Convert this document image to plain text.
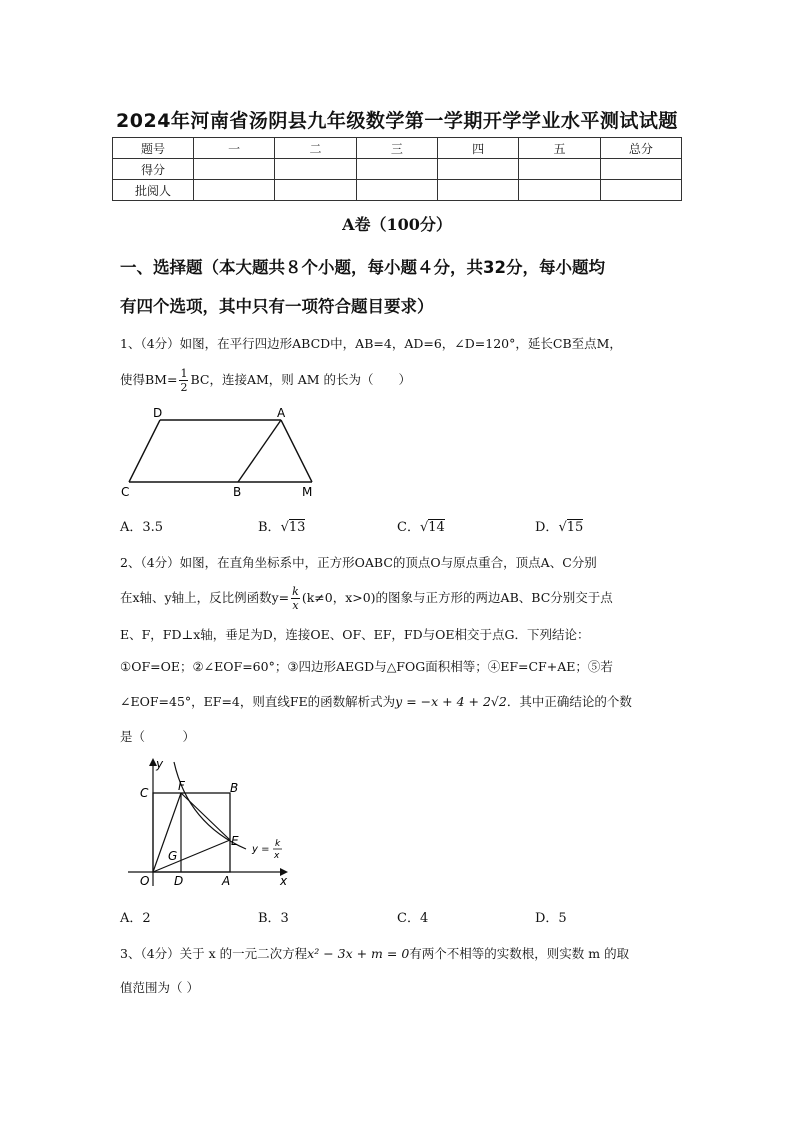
2024年河南省汤阴县九年级数学第一学期开学学业水平测试试题
题号	一	二	三	四	五	总分
得分						
批阅人						
A卷（100分）
一、选择题（本大题共８个小题，每小题４分，共32分，每小题均
有四个选项，其中只有一项符合题目要求）
1、（4分）如图，在平行四边形ABCD中，AB=4，AD=6，∠D=120°，延长CB至点M，
使得$BM= \frac{1}{2}$ BC，连接AM，则 AM 的长为（　　）
D	A
C	B	M
A．3.5	B．√13	C．√14	D．√15
2、（4分）如图，在直角坐标系中，正方形OABC的顶点O与原点重合，顶点A、C分别
在x轴、y轴上，反比例函数$y= \frac{k}{x} (k\ne 0$，x>0)的图象与正方形的两边AB、BC分别交于点
E、F，FD⊥x轴，垂足为D，连接OE、OF、EF，FD与OE相交于点G．下列结论：
①OF=OE；②∠EOF=60°；③四边形AEGD与△FOG面积相等；④EF=CF+AE；⑤若
∠EOF=45°，EF=4，则直线FE的函数解析式为y = −x + 4 + 2√2．其中正确结论的个数
是（　　　）
y
x
O
C F	B
E
G
D	A
y = k
x
A．2	B．3	C．4	D．5
3、（4分）关于 x 的一元二次方程x² − 3x + m = 0有两个不相等的实数根，则实数 m 的取
值范围为（ ）
